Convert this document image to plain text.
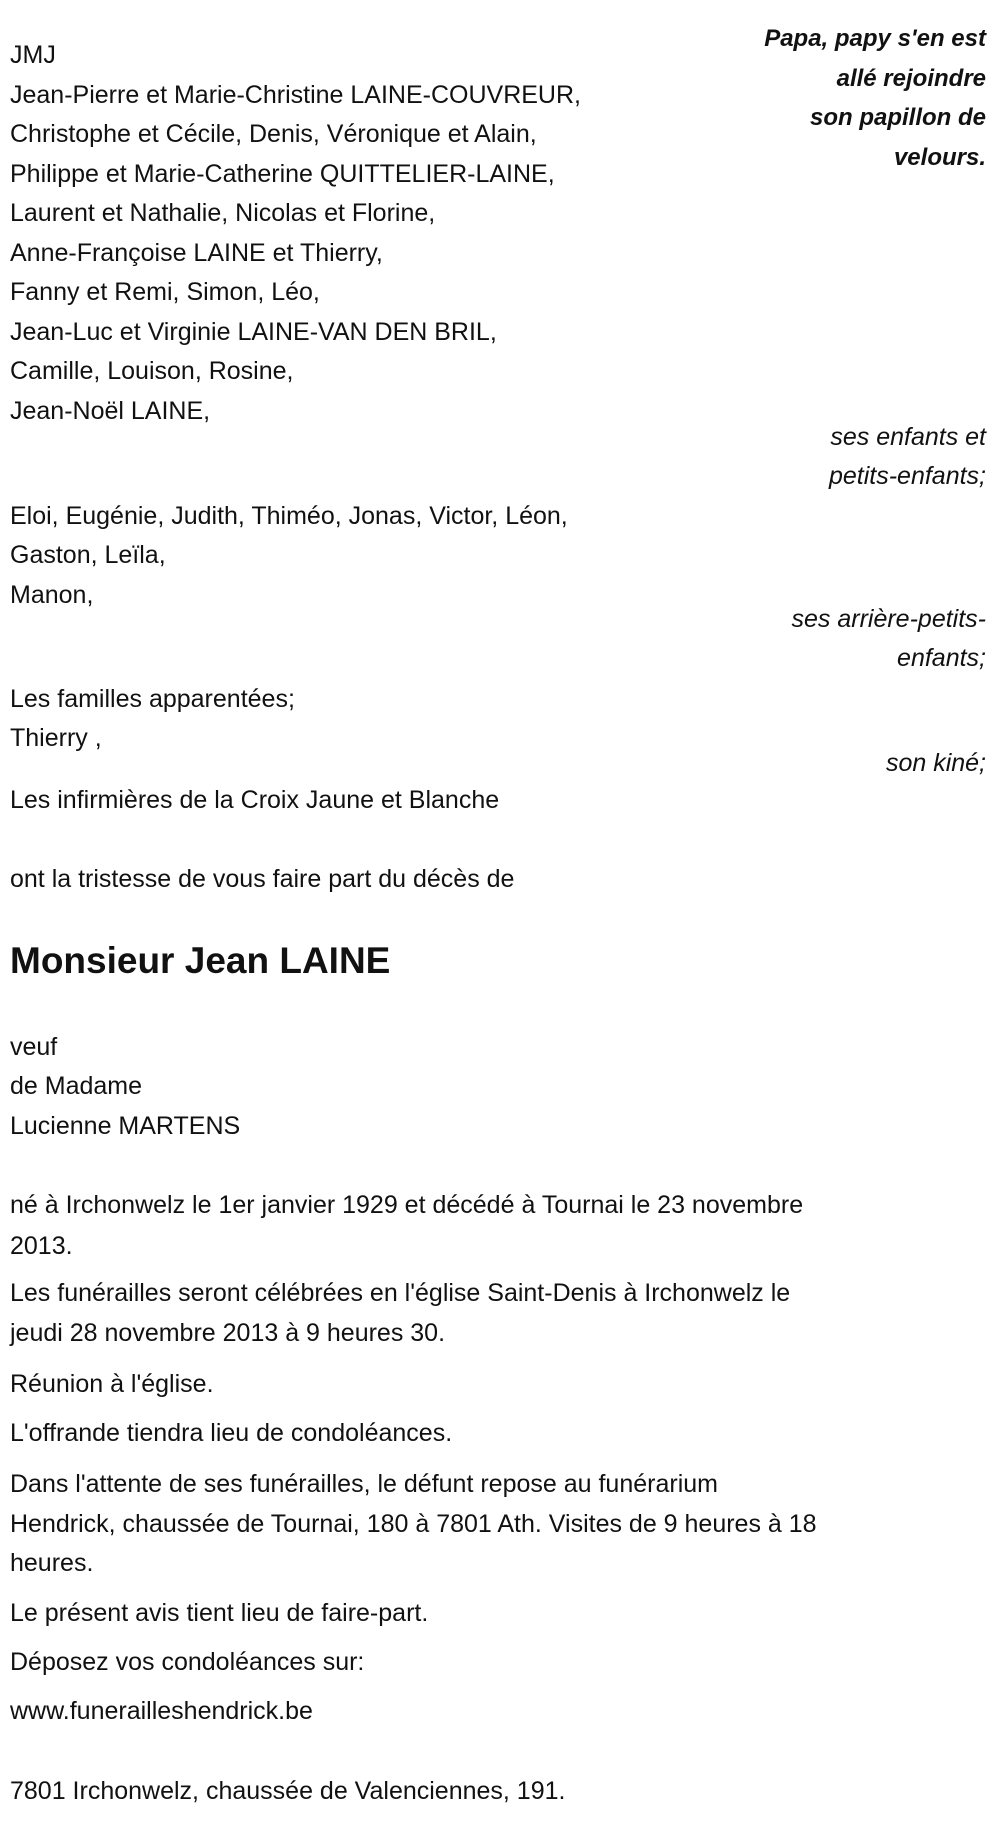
Papa, papy s'en est
allé rejoindre
son papillon de
velours.
JMJ
Jean-Pierre et Marie-Christine LAINE-COUVREUR,
Christophe et Cécile, Denis, Véronique et Alain,
Philippe et Marie-Catherine QUITTELIER-LAINE,
Laurent et Nathalie, Nicolas et Florine,
Anne-Françoise LAINE et Thierry,
Fanny et Remi, Simon, Léo,
Jean-Luc et Virginie LAINE-VAN DEN BRIL,
Camille, Louison, Rosine,
Jean-Noël LAINE,
ses enfants et
petits-enfants;
Eloi, Eugénie, Judith, Thiméo, Jonas, Victor, Léon,
Gaston, Leïla,
Manon,
ses arrière-petits-
enfants;
Les familles apparentées;
Thierry ,
son kiné;
Les infirmières de la Croix Jaune et Blanche
ont la tristesse de vous faire part du décès de
Monsieur Jean LAINE
veuf
de Madame
Lucienne MARTENS
né à Irchonwelz le 1er janvier 1929 et décédé à Tournai le 23 novembre
2013.
Les funérailles seront célébrées en l'église Saint-Denis à Irchonwelz le
jeudi 28 novembre 2013 à 9 heures 30.
Réunion à l'église.
L'offrande tiendra lieu de condoléances.
Dans l'attente de ses funérailles, le défunt repose au funérarium
Hendrick, chaussée de Tournai, 180 à 7801 Ath. Visites de 9 heures à 18
heures.
Le présent avis tient lieu de faire-part.
Déposez vos condoléances sur:
www.funerailleshendrick.be
7801 Irchonwelz, chaussée de Valenciennes, 191.
